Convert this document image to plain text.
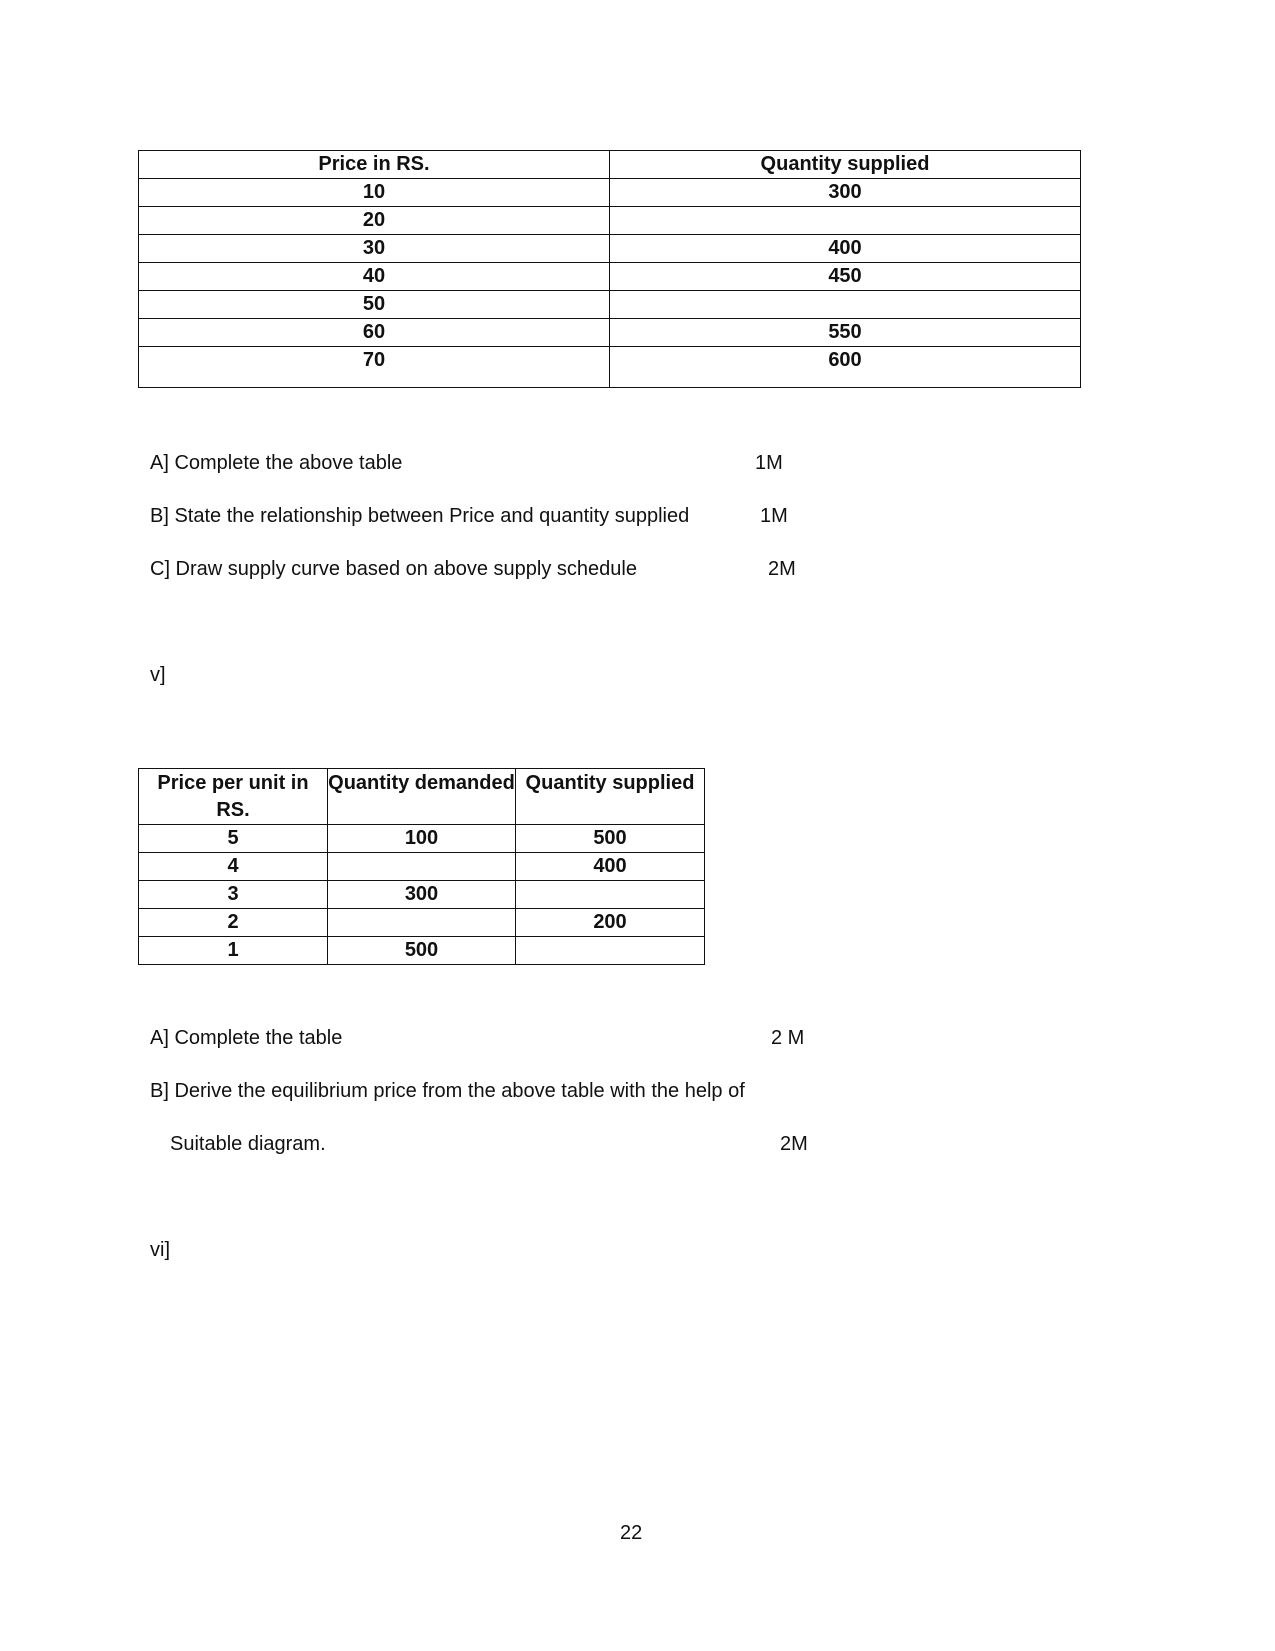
Price in RS.	Quantity supplied
10	300
20	
30	400
40	450
50	
60	550
70	600
A] Complete the above table	1M
B] State the relationship between Price and quantity supplied	1M
C] Draw supply curve based on above supply schedule	2M
v]
Price per unit in RS.	Quantity demanded	Quantity supplied
5	100	500
4		400
3	300	
2		200
1	500	
A] Complete the table	2 M
B] Derive the equilibrium price from the above table with the help of
Suitable diagram.	2M
vi]
22
